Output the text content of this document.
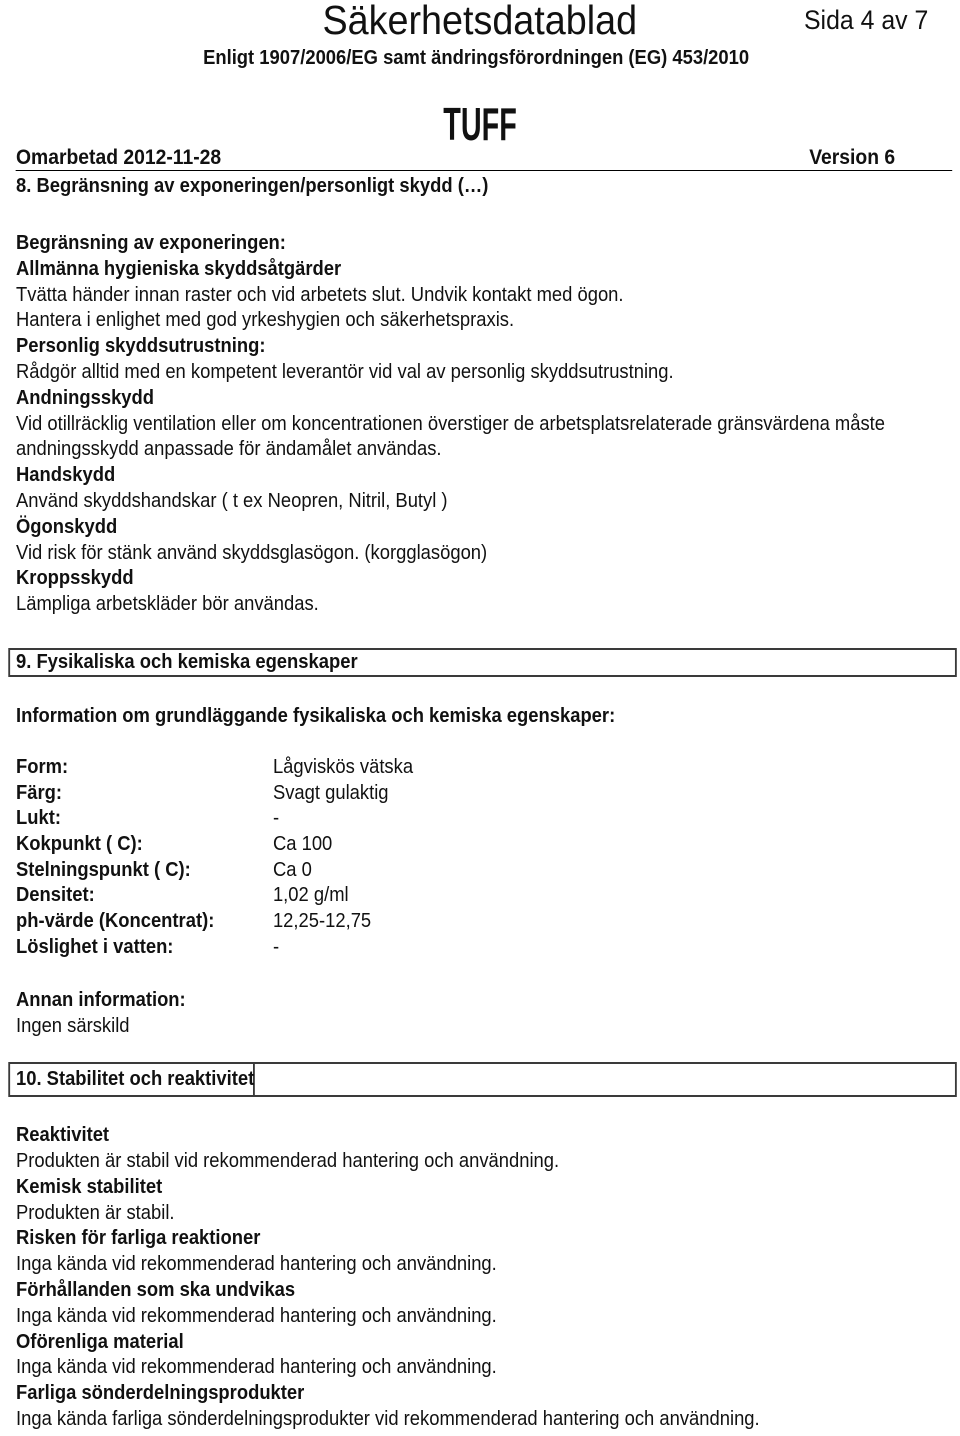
Säkerhetsdatablad	Sida 4 av 7
Enligt 1907/2006/EG samt ändringsförordningen (EG) 453/2010
TUFF
Omarbetad 2012-11-28	Version 6
8. Begränsning av exponeringen/personligt skydd (…)
Begränsning av exponeringen:
Allmänna hygieniska skyddsåtgärder
Tvätta händer innan raster och vid arbetets slut. Undvik kontakt med ögon.
Hantera i enlighet med god yrkeshygien och säkerhetspraxis.
Personlig skyddsutrustning:
Rådgör alltid med en kompetent leverantör vid val av personlig skyddsutrustning.
Andningsskydd
Vid otillräcklig ventilation eller om koncentrationen överstiger de arbetsplatsrelaterade gränsvärdena måste
andningsskydd anpassade för ändamålet användas.
Handskydd
Använd skyddshandskar ( t ex Neopren, Nitril, Butyl )
Ögonskydd
Vid risk för stänk använd skyddsglasögon. (korgglasögon)
Kroppsskydd
Lämpliga arbetskläder bör användas.
9. Fysikaliska och kemiska egenskaper
Information om grundläggande fysikaliska och kemiska egenskaper:
Form:	Lågviskös vätska
Färg:	Svagt gulaktig
Lukt:	-
Kokpunkt ( C):	Ca 100
Stelningspunkt ( C):	Ca 0
Densitet:	1,02 g/ml
ph-värde (Koncentrat):	12,25-12,75
Löslighet i vatten:	-
Annan information:
Ingen särskild
10. Stabilitet och reaktivitet
Reaktivitet
Produkten är stabil vid rekommenderad hantering och användning.
Kemisk stabilitet
Produkten är stabil.
Risken för farliga reaktioner
Inga kända vid rekommenderad hantering och användning.
Förhållanden som ska undvikas
Inga kända vid rekommenderad hantering och användning.
Oförenliga material
Inga kända vid rekommenderad hantering och användning.
Farliga sönderdelningsprodukter
Inga kända farliga sönderdelningsprodukter vid rekommenderad hantering och användning.
